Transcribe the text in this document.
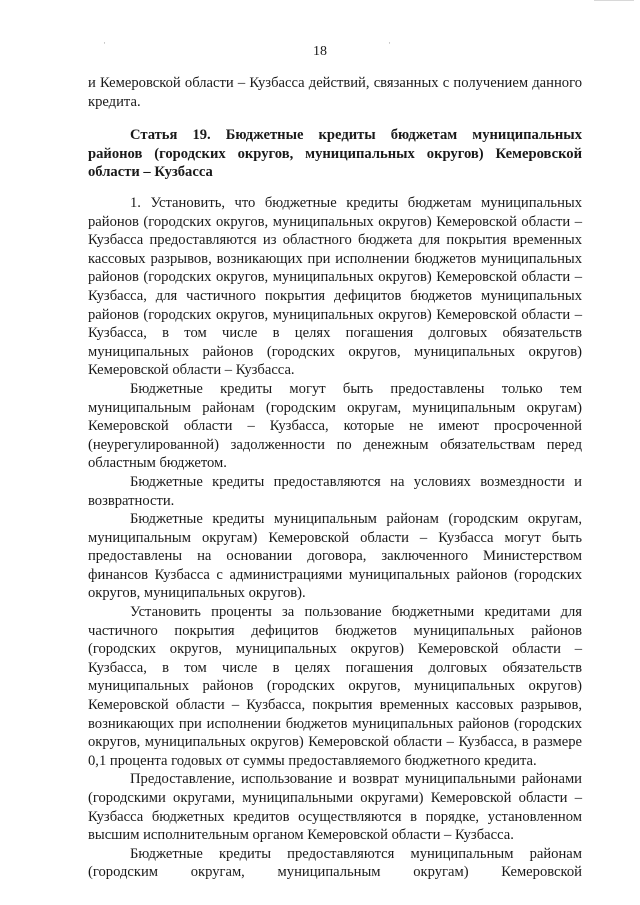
·	·
18

и Кемеровской области – Кузбасса действий, связанных с получением данного кредита.

Статья 19. Бюджетные кредиты бюджетам муниципальных районов (городских округов, муниципальных округов) Кемеровской области – Кузбасса

1. Установить, что бюджетные кредиты бюджетам муниципальных районов (городских округов, муниципальных округов) Кемеровской области – Кузбасса предоставляются из областного бюджета для покрытия временных кассовых разрывов, возникающих при исполнении бюджетов муниципальных районов (городских округов, муниципальных округов) Кемеровской области – Кузбасса, для частичного покрытия дефицитов бюджетов муниципальных районов (городских округов, муниципальных округов) Кемеровской области – Кузбасса, в том числе в целях погашения долговых обязательств муниципальных районов (городских округов, муниципальных округов) Кемеровской области – Кузбасса.

Бюджетные кредиты могут быть предоставлены только тем муниципальным районам (городским округам, муниципальным округам) Кемеровской области – Кузбасса, которые не имеют просроченной (неурегулированной) задолженности по денежным обязательствам перед областным бюджетом.

Бюджетные кредиты предоставляются на условиях возмездности и возвратности.

Бюджетные кредиты муниципальным районам (городским округам, муниципальным округам) Кемеровской области – Кузбасса могут быть предоставлены на основании договора, заключенного Министерством финансов Кузбасса с администрациями муниципальных районов (городских округов, муниципальных округов).

Установить проценты за пользование бюджетными кредитами для частичного покрытия дефицитов бюджетов муниципальных районов (городских округов, муниципальных округов) Кемеровской области – Кузбасса, в том числе в целях погашения долговых обязательств муниципальных районов (городских округов, муниципальных округов) Кемеровской области – Кузбасса, покрытия временных кассовых разрывов, возникающих при исполнении бюджетов муниципальных районов (городских округов, муниципальных округов) Кемеровской области – Кузбасса, в размере 0,1 процента годовых от суммы предоставляемого бюджетного кредита.

Предоставление, использование и возврат муниципальными районами (городскими округами, муниципальными округами) Кемеровской области – Кузбасса бюджетных кредитов осуществляются в порядке, установленном высшим исполнительным органом Кемеровской области – Кузбасса.

Бюджетные кредиты предоставляются муниципальным районам (городским округам, муниципальным округам) Кемеровской
